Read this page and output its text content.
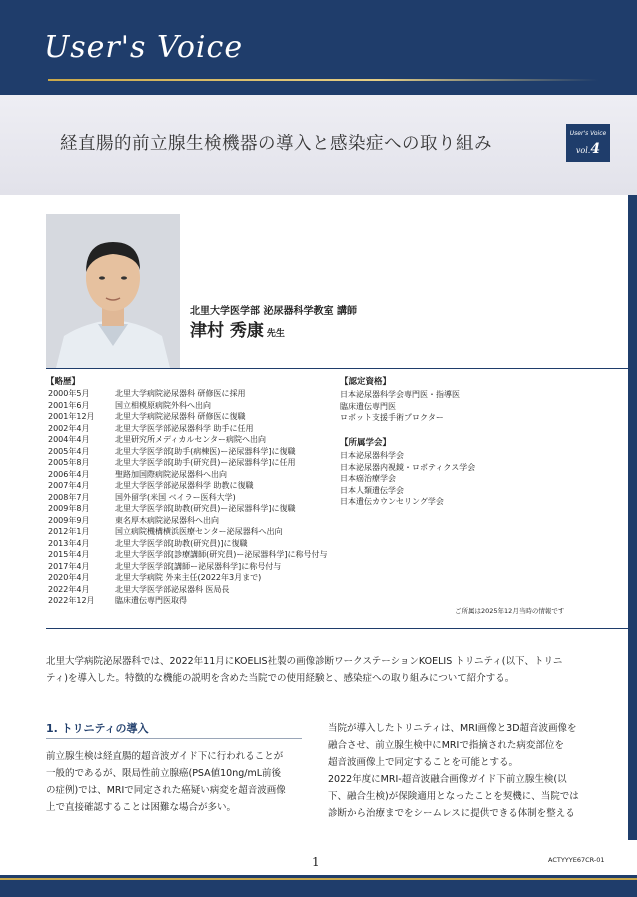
User's Voice
経直腸的前立腺生検機器の導入と感染症への取り組み
User's Voice
vol.4
北里大学医学部 泌尿器科学教室 講師
津村 秀康 先生
【略歴】
2000年5月	北里大学病院泌尿器科 研修医に採用
2001年6月	国立相模原病院外科へ出向
2001年12月	北里大学病院泌尿器科 研修医に復職
2002年4月	北里大学医学部泌尿器科学 助手に任用
2004年4月	北里研究所メディカルセンター病院へ出向
2005年4月	北里大学医学部[助手(病棟医)ー泌尿器科学]に復職
2005年8月	北里大学医学部[助手(研究員)ー泌尿器科学]に任用
2006年4月	聖路加国際病院泌尿器科へ出向
2007年4月	北里大学医学部泌尿器科学 助教に復職
2008年7月	国外留学(米国 ベイラー医科大学)
2009年8月	北里大学医学部[助教(研究員)ー泌尿器科学]に復職
2009年9月	東名厚木病院泌尿器科へ出向
2012年1月	国立病院機構横浜医療センター泌尿器科へ出向
2013年4月	北里大学医学部[助教(研究員)]に復職
2015年4月	北里大学医学部[診療講師(研究員)ー泌尿器科学]に称号付与
2017年4月	北里大学医学部[講師ー泌尿器科学]に称号付与
2020年4月	北里大学病院 外来主任(2022年3月まで)
2022年4月	北里大学医学部泌尿器科 医局長
2022年12月	臨床遺伝専門医取得
【認定資格】
日本泌尿器科学会専門医・指導医
臨床遺伝専門医
ロボット支援手術プロクター
【所属学会】
日本泌尿器科学会
日本泌尿器内視鏡・ロボティクス学会
日本癌治療学会
日本人類遺伝学会
日本遺伝カウンセリング学会
ご所属は2025年12月当時の情報です
北里大学病院泌尿器科では、2022年11月にKOELIS社製の画像診断ワークステーションKOELIS トリニティ(以下、トリニ
ティ)を導入した。特徴的な機能の説明を含めた当院での使用経験と、感染症への取り組みについて紹介する。
1. トリニティの導入
前立腺生検は経直腸的超音波ガイド下に行われることが
一般的であるが、限局性前立腺癌(PSA値10ng/mL前後
の症例)では、MRIで同定された癌疑い病変を超音波画像
上で直接確認することは困難な場合が多い。
当院が導入したトリニティは、MRI画像と3D超音波画像を
融合させ、前立腺生検中にMRIで指摘された病変部位を
超音波画像上で同定することを可能とする。
2022年度にMRI-超音波融合画像ガイド下前立腺生検(以
下、融合生検)が保険適用となったことを契機に、当院では
診断から治療までをシームレスに提供できる体制を整える
1	ACTYYYE67CR-01
